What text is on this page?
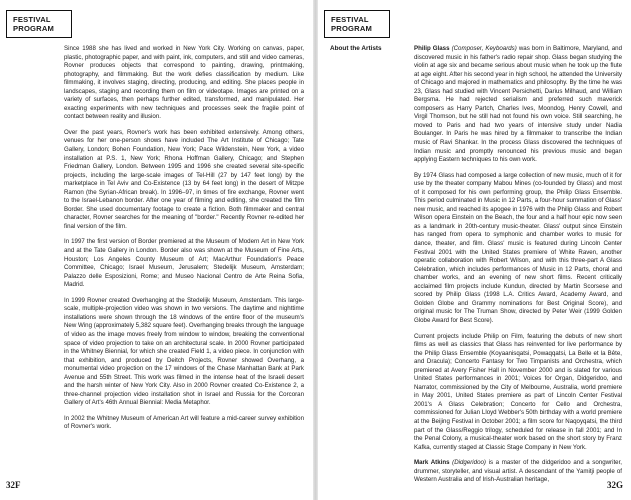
FESTIVAL PROGRAM

Since 1988 she has lived and worked in New York City. Working on canvas, paper, plastic, photographic paper, and with paint, ink, computers, and still and video cameras, Rovner produces objects that correspond to painting, drawing, printmaking, photography, and filmmaking. But the work defies classification by medium. Like filmmaking, it involves staging, directing, producing, and editing. She places people in landscapes, staging and recording them on film or videotape. Images are printed on a variety of surfaces, then perhaps further edited, transformed, and manipulated. Her exacting experiments with new techniques and processes seek the fragile point of contact between reality and illusion.

Over the past years, Rovner's work has been exhibited extensively. Among others, venues for her one-person shows have included The Art Institute of Chicago; Tate Gallery, London; Bohen Foundation, New York; Pace Wildenstein, New York, a video installation at P.S. 1, New York; Rhona Hoffman Gallery, Chicago; and Stephen Friedman Gallery, London. Between 1995 and 1996 she created several site-specific projects, including the large-scale images of Tel-Hill (27 by 147 feet long) by the marketplace in Tel Aviv and Co-Existence (13 by 64 feet long) in the desert of Mitzpe Ramon (the Syrian-African break). In 1996–97, in times of fire exchange, Rovner went to the Israel-Lebanon border. After one year of filming and editing, she created the film Border. She used documentary footage to create a fiction. Both filmmaker and central character, Rovner searches for the meaning of "border." Recently Rovner re-edited her final version of the film.

In 1997 the first version of Border premiered at the Museum of Modern Art in New York and at the Tate Gallery in London. Border also was shown at the Museum of Fine Arts, Houston; Los Angeles County Museum of Art; MacArthur Foundation's Peace Committee, Chicago; Israel Museum, Jerusalem; Stedelijk Museum, Amsterdam; Palazzo delle Esposizioni, Rome; and Museo Nacional Centro de Arte Reina Sofia, Madrid.

In 1999 Rovner created Overhanging at the Stedelijk Museum, Amsterdam. This large-scale, multiple-projection video was shown in two versions. The daytime and nighttime installations were shown through the 18 windows of the entire floor of the museum's New Wing (approximately 5,382 square feet). Overhanging breaks through the language of video as the image moves freely from window to window, breaking the conventional space of video projection to take on an architectural scale. In 2000 Rovner participated in the Whitney Biennial, for which she created Field 1, a video piece. In conjunction with that exhibition, and produced by Deitch Projects, Rovner showed Overhang, a monumental video projection on the 17 windows of the Chase Manhattan Bank at Park Avenue and 55th Street. This work was filmed in the intense heat of the Israeli desert and the harsh winter of New York City. Also in 2000 Rovner created Co-Existence 2, a three-channel projection video installation shot in Israel and Russia for the Corcoran Gallery of Art's 46th Annual Biennial: Media Metaphor.

In 2002 the Whitney Museum of American Art will feature a mid-career survey exhibition of Rovner's work.

32F
FESTIVAL PROGRAM
About the Artists	Philip Glass (Composer, Keyboards) was born in Baltimore, Maryland, and discovered music in his father's radio repair shop. Glass began studying the violin at age six and became serious about music when he took up the flute at age eight. After his second year in high school, he attended the University of Chicago and majored in mathematics and philosophy. By the time he was 23, Glass had studied with Vincent Persichetti, Darius Milhaud, and William Bergsma. He had rejected serialism and preferred such maverick composers as Harry Partch, Charles Ives, Moondog, Henry Cowell, and Virgil Thomson, but he still had not found his own voice. Still searching, he moved to Paris and had two years of intensive study under Nadia Boulanger. In Paris he was hired by a filmmaker to transcribe the Indian music of Ravi Shankar. In the process Glass discovered the techniques of Indian music and promptly renounced his previous music and began applying Eastern techniques to his own work.

By 1974 Glass had composed a large collection of new music, much of it for use by the theater company Mabou Mines (co-founded by Glass) and most of it composed for his own performing group, the Philip Glass Ensemble. This period culminated in Music in 12 Parts, a four-hour summation of Glass' new music, and reached its apogee in 1976 with the Philip Glass and Robert Wilson opera Einstein on the Beach, the four and a half hour epic now seen as a landmark in 20th-century music-theater. Glass' output since Einstein has ranged from opera to symphonic and chamber works to music for dance, theater, and film. Glass' music is featured during Lincoln Center Festival 2001 with the United States premiere of White Raven, another operatic collaboration with Robert Wilson, and with this three-part A Glass Celebration, which includes performances of Music in 12 Parts, choral and chamber works, and an evening of new short films. Recent critically acclaimed film projects include Kundun, directed by Martin Scorsese and scored by Philip Glass (1998 L.A. Critics Award, Academy Award, and Golden Globe and Grammy nominations for Best Original Score), and original music for The Truman Show, directed by Peter Weir (1999 Golden Globe Award for Best Score).

Current projects include Philip on Film, featuring the debuts of new short films as well as classics that Glass has reinvented for live performance by the Philip Glass Ensemble (Koyaanisqatsi, Powaqqatsi, La Belle et la Bête, and Dracula); Concerto Fantasy for Two Timpanists and Orchestra, which premiered at Avery Fisher Hall in November 2000 and is slated for various United States performances in 2001; Voices for Organ, Didgeridoo, and Narrator, commissioned by the City of Melbourne, Australia, world premiere in May 2001, United States premiere as part of Lincoln Center Festival 2001's A Glass Celebration; Concerto for Cello and Orchestra, commissioned for Julian Lloyd Webber's 50th birthday with a world premiere at the Beijing Festival in October 2001; a film score for Naqoyqatsi, the third part of the Glass/Reggio trilogy, scheduled for release in fall 2001; and In the Penal Colony, a musical-theater work based on the short story by Franz Kafka, currently staged at Classic Stage Company in New York.

Mark Atkins (Didgeridoo) is a master of the didgeridoo and a songwriter, drummer, storyteller, and visual artist. A descendant of the Yamitji people of Western Australia and of Irish-Australian heritage,

32G
